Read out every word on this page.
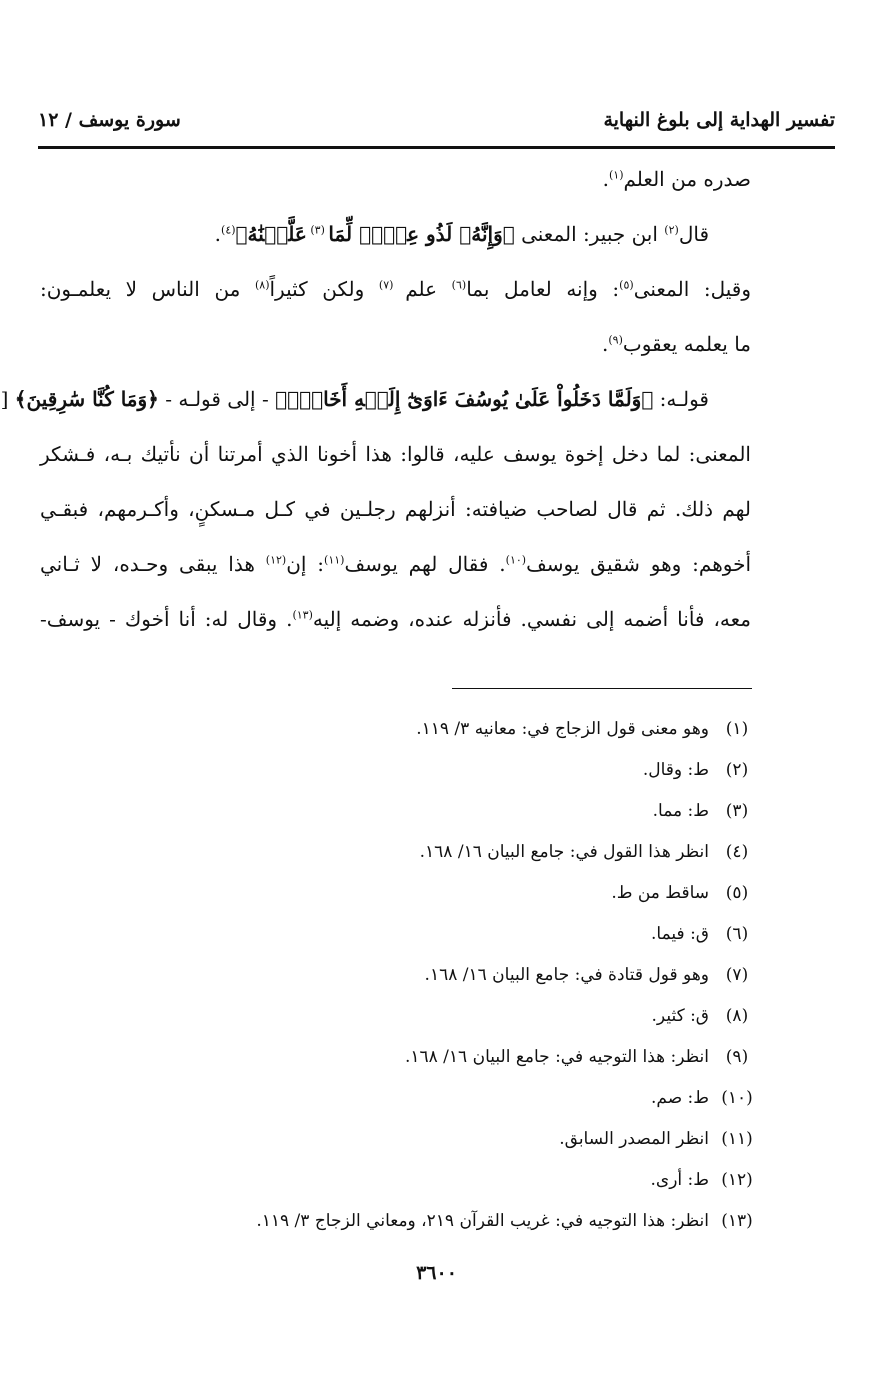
تفسير الهداية إلى بلوغ النهاية
سورة يوسف / ١٢
صدره من العلم$^{(١)}$.
قال$^{(٢)}$ ابن جبير: المعنى ﴿وَإِنَّهُۥ لَذُو عِلۡمٖ لِّمَا $^{(٣)}$ عَلَّمۡنَٰهُ﴾$^{(٤)}$.
وقيل: المعنى$^{(٥)}$: وإنه لعامل بما$^{(٦)}$ علم $^{(٧)}$ ولكن كثيراً$^{(٨)}$ من الناس لا يعلمـون:
ما يعلمه يعقوب$^{(٩)}$.
قولـه: ﴿وَلَمَّا دَخَلُواْ عَلَىٰ يُوسُفَ ءَاوَىٰٓ إِلَيۡهِ أَخَاهُۖ﴾ - إلى قولـه - ﴿وَمَا كُنَّا سَٰرِقِينَ﴾ [
المعنى: لما دخل إخوة يوسف عليه، قالوا: هذا أخونا الذي أمرتنا أن نأتيك بـه، فـشكر
لهم ذلك. ثم قال لصاحب ضيافته: أنزلهم رجلـين في كـل مـسكنٍ، وأكـرمهم، فبقـي
أخوهم: وهو شقيق يوسف$^{(١٠)}$. فقال لهم يوسف$^{(١١)}$: إن$^{(١٢)}$ هذا يبقى وحـده، لا ثـاني
معه، فأنا أضمه إلى نفسي. فأنزله عنده، وضمه إليه$^{(١٣)}$. وقال له: أنا أخوك - يوسف-
(١)
وهو معنى قول الزجاج في: معانيه ٣/ ١١٩.
(٢)
ط: وقال.
(٣)
ط: مما.
(٤)
انظر هذا القول في: جامع البيان ١٦/ ١٦٨.
(٥)
ساقط من ط.
(٦)
ق: فيما.
(٧)
وهو قول قتادة في: جامع البيان ١٦/ ١٦٨.
(٨)
ق: كثير.
(٩)
انظر: هذا التوجيه في: جامع البيان ١٦/ ١٦٨.
(١٠)
ط: صم.
(١١)
انظر المصدر السابق.
(١٢)
ط: أرى.
(١٣)
انظر: هذا التوجيه في: غريب القرآن ٢١٩، ومعاني الزجاج ٣/ ١١٩.
٣٦٠٠
